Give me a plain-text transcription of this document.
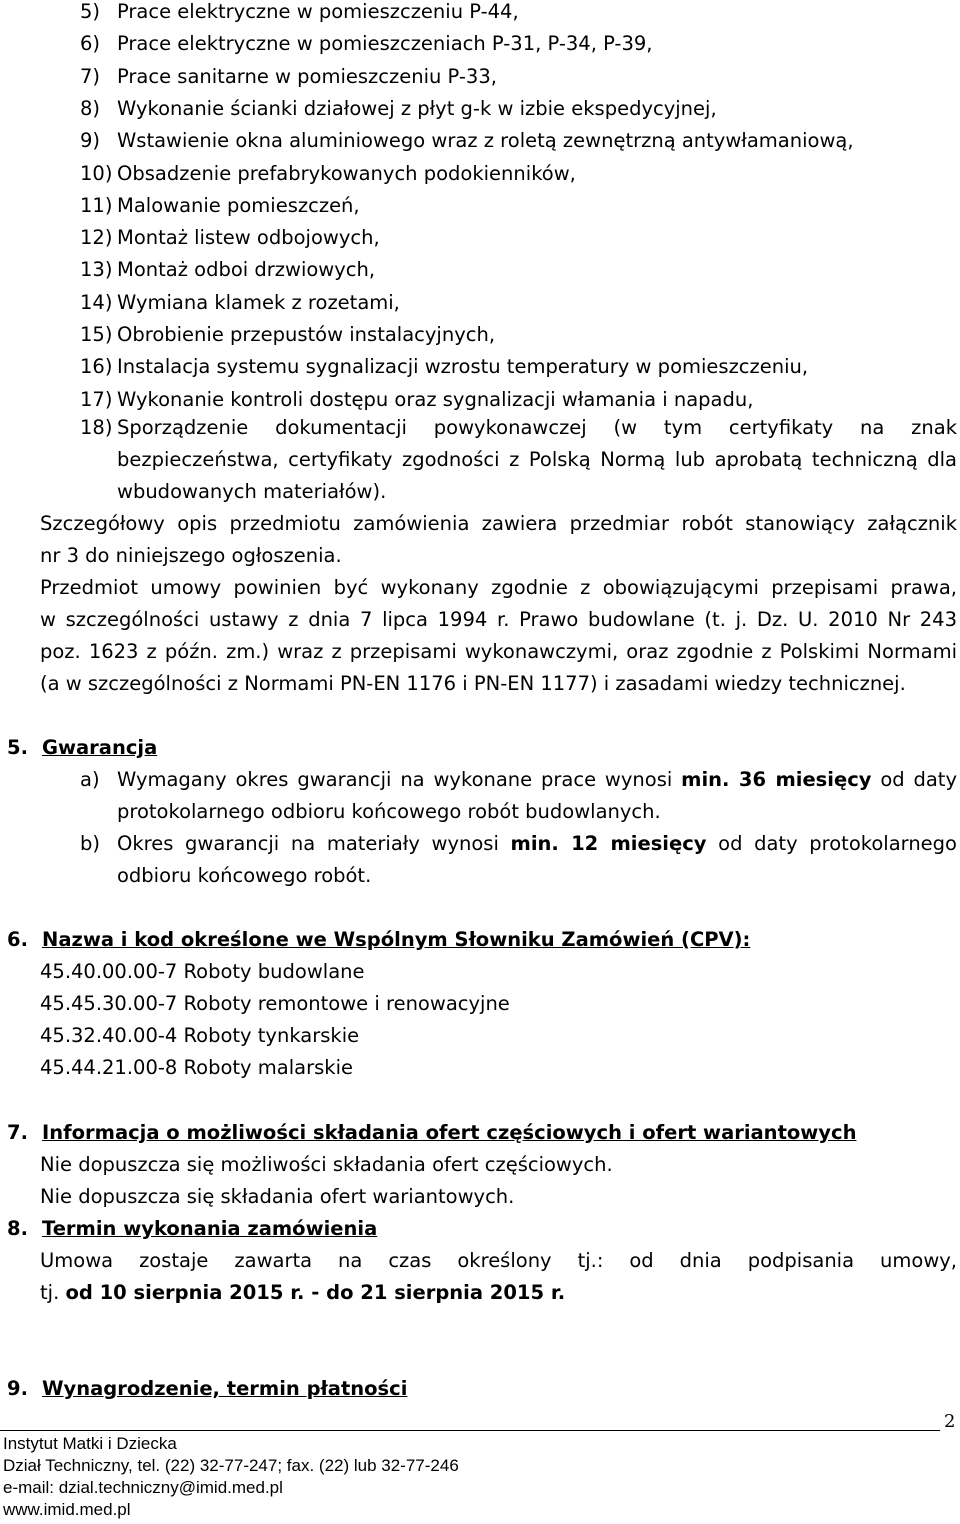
5) Prace elektryczne w pomieszczeniu P-44,
6) Prace elektryczne w pomieszczeniach P-31, P-34, P-39,
7) Prace sanitarne w pomieszczeniu P-33,
8) Wykonanie ścianki działowej z płyt g-k w izbie ekspedycyjnej,
9) Wstawienie okna aluminiowego wraz z roletą zewnętrzną antywłamaniową,
10) Obsadzenie prefabrykowanych podokienników,
11) Malowanie pomieszczeń,
12) Montaż listew odbojowych,
13) Montaż odboi drzwiowych,
14) Wymiana klamek z rozetami,
15) Obrobienie przepustów instalacyjnych,
16) Instalacja systemu sygnalizacji wzrostu temperatury w pomieszczeniu,
17) Wykonanie kontroli dostępu oraz sygnalizacji włamania i napadu,
18) Sporządzenie dokumentacji powykonawczej (w tym certyfikaty na znak
bezpieczeństwa, certyfikaty zgodności z Polską Normą lub aprobatą techniczną dla
wbudowanych materiałów).
Szczegółowy opis przedmiotu zamówienia zawiera przedmiar robót stanowiący załącznik
nr 3 do niniejszego ogłoszenia.
Przedmiot umowy powinien być wykonany zgodnie z obowiązującymi przepisami prawa,
w szczególności ustawy z dnia 7 lipca 1994 r. Prawo budowlane (t. j. Dz. U. 2010 Nr 243
poz. 1623 z późn. zm.) wraz z przepisami wykonawczymi, oraz zgodnie z Polskimi Normami
(a w szczególności z Normami PN-EN 1176 i PN-EN 1177) i zasadami wiedzy technicznej.
5. Gwarancja
a) Wymagany okres gwarancji na wykonane prace wynosi min. 36 miesięcy od daty
protokolarnego odbioru końcowego robót budowlanych.
b) Okres gwarancji na materiały wynosi min. 12 miesięcy od daty protokolarnego
odbioru końcowego robót.
6. Nazwa i kod określone we Wspólnym Słowniku Zamówień (CPV):
45.40.00.00-7 Roboty budowlane
45.45.30.00-7 Roboty remontowe i renowacyjne
45.32.40.00-4 Roboty tynkarskie
45.44.21.00-8 Roboty malarskie
7. Informacja o możliwości składania ofert częściowych i ofert wariantowych
Nie dopuszcza się możliwości składania ofert częściowych.
Nie dopuszcza się składania ofert wariantowych.
8. Termin wykonania zamówienia
Umowa zostaje zawarta na czas określony tj.: od dnia podpisania umowy,
tj. od 10 sierpnia 2015 r. - do 21 sierpnia 2015 r.
9. Wynagrodzenie, termin płatności
2
Instytut Matki i Dziecka
Dział Techniczny, tel. (22) 32-77-247; fax. (22) lub 32-77-246
e-mail: dzial.techniczny@imid.med.pl
www.imid.med.pl
